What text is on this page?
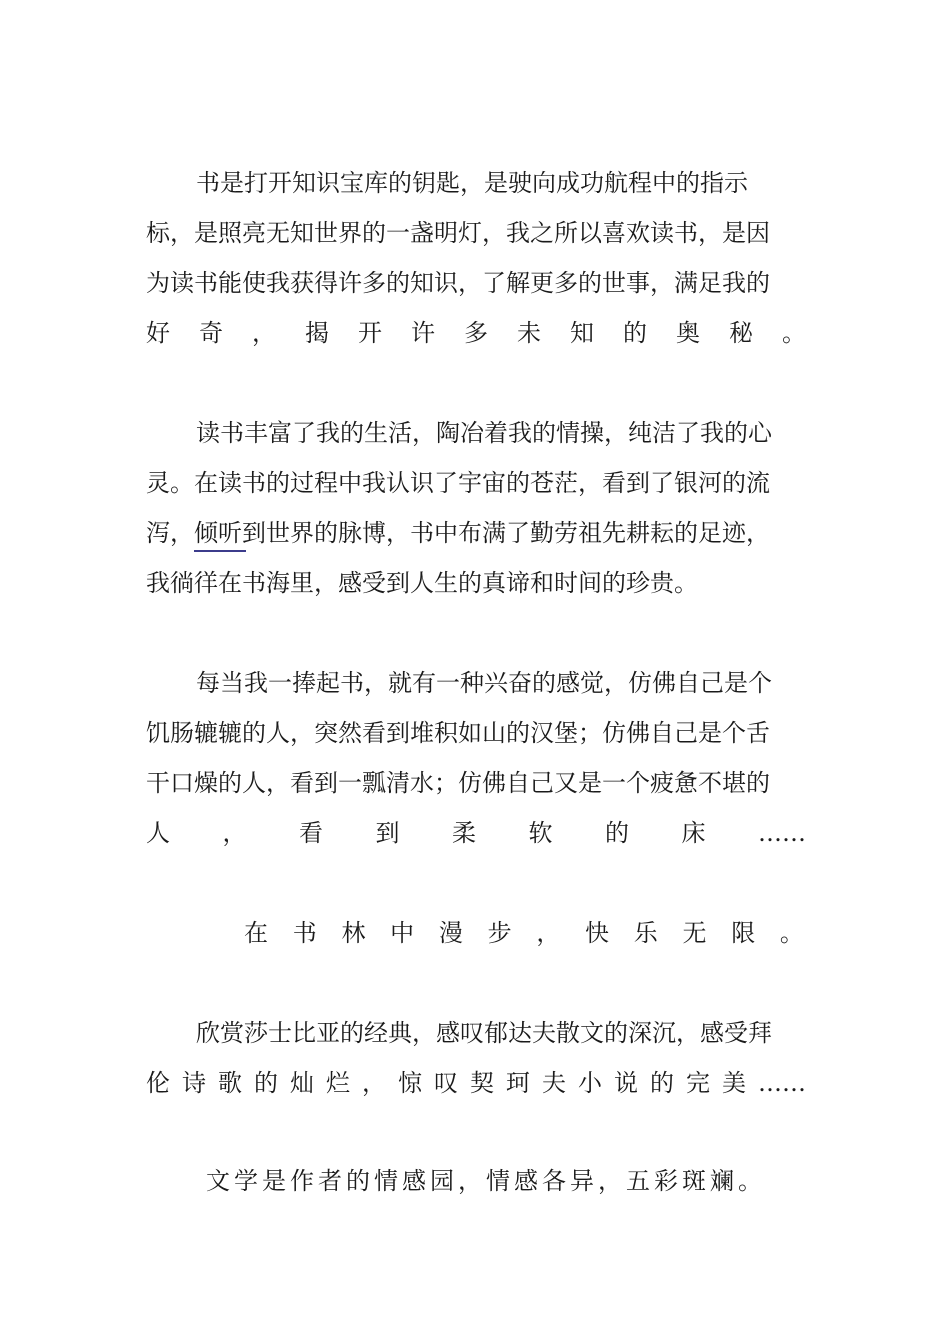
书是打开知识宝库的钥匙，是驶向成功航程中的指示
标，是照亮无知世界的一盏明灯，我之所以喜欢读书，是因
为读书能使我获得许多的知识，了解更多的世事，满足我的
好 奇 ， 揭 开 许 多 未 知 的 奥 秘 。
读书丰富了我的生活，陶冶着我的情操，纯洁了我的心
灵。在读书的过程中我认识了宇宙的苍茫，看到了银河的流
泻，倾听到世界的脉博，书中布满了勤劳祖先耕耘的足迹，
我徜徉在书海里，感受到人生的真谛和时间的珍贵。
每当我一捧起书，就有一种兴奋的感觉，仿佛自己是个
饥肠辘辘的人，突然看到堆积如山的汉堡；仿佛自己是个舌
干口燥的人，看到一瓢清水；仿佛自己又是一个疲惫不堪的
人 ， 看 到 柔 软 的 床 ……
在 书 林 中 漫 步 ， 快 乐 无 限 。
欣赏莎士比亚的经典，感叹郁达夫散文的深沉，感受拜
伦 诗 歌 的 灿 烂 ， 惊 叹 契 珂 夫 小 说 的 完 美 ……
文学是作者的情感园，情感各异，五彩斑斓。
